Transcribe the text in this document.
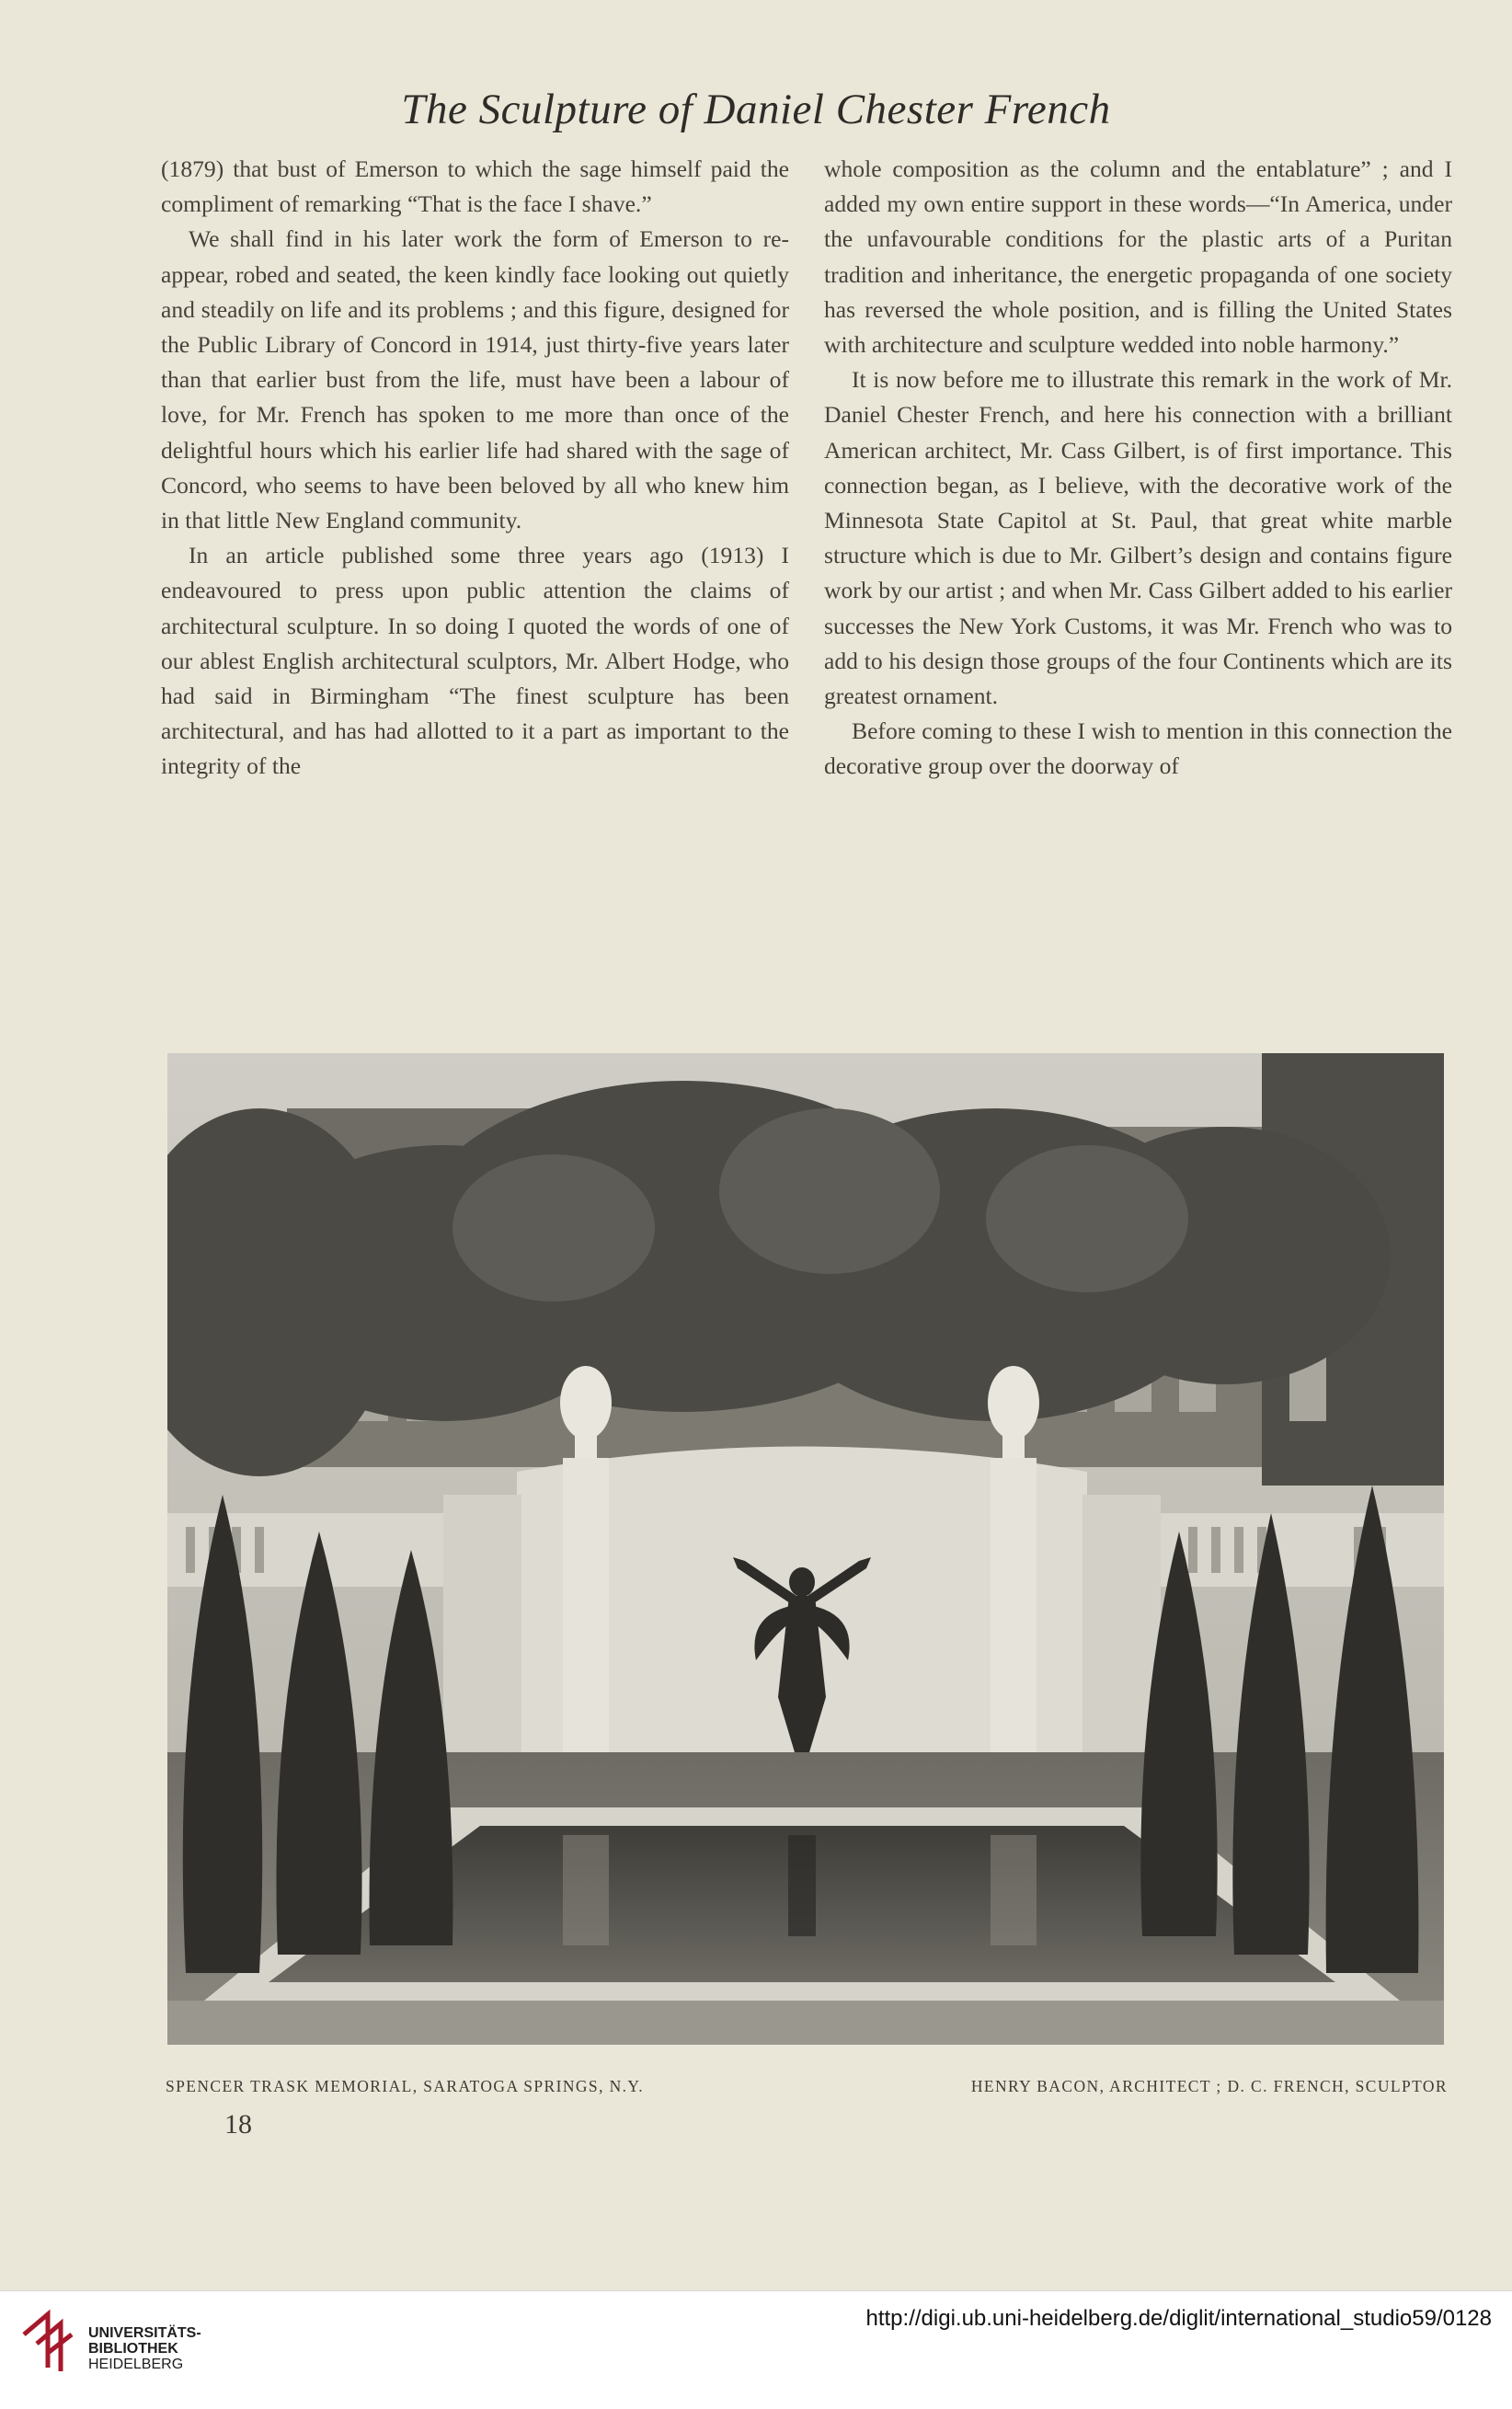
The Sculpture of Daniel Chester French

(1879) that bust of Emerson to which the sage himself paid the compliment of remarking “That is the face I shave.”

We shall find in his later work the form of Emerson to re-appear, robed and seated, the keen kindly face looking out quietly and steadily on life and its problems ; and this figure, designed for the Public Library of Concord in 1914, just thirty-five years later than that earlier bust from the life, must have been a labour of love, for Mr. French has spoken to me more than once of the delightful hours which his earlier life had shared with the sage of Concord, who seems to have been beloved by all who knew him in that little New England community.

In an article published some three years ago (1913) I endeavoured to press upon public attention the claims of architectural sculpture. In so doing I quoted the words of one of our ablest English architectural sculptors, Mr. Albert Hodge, who had said in Birmingham “The finest sculpture has been architectural, and has had allotted to it a part as important to the integrity of the

whole composition as the column and the entablature” ; and I added my own entire support in these words—“In America, under the unfavourable conditions for the plastic arts of a Puritan tradition and inheritance, the energetic propaganda of one society has reversed the whole position, and is filling the United States with architecture and sculpture wedded into noble harmony.”

It is now before me to illustrate this remark in the work of Mr. Daniel Chester French, and here his connection with a brilliant American architect, Mr. Cass Gilbert, is of first importance. This connection began, as I believe, with the decorative work of the Minnesota State Capitol at St. Paul, that great white marble structure which is due to Mr. Gilbert’s design and contains figure work by our artist ; and when Mr. Cass Gilbert added to his earlier successes the New York Customs, it was Mr. French who was to add to his design those groups of the four Continents which are its greatest ornament.

Before coming to these I wish to mention in this connection the decorative group over the doorway of

SPENCER TRASK MEMORIAL, SARATOGA SPRINGS, N.Y.	HENRY BACON, ARCHITECT ; D. C. FRENCH, SCULPTOR
18
UNIVERSITÄTS-
BIBLIOTHEK
HEIDELBERG
http://digi.ub.uni-heidelberg.de/diglit/international_studio59/0128
